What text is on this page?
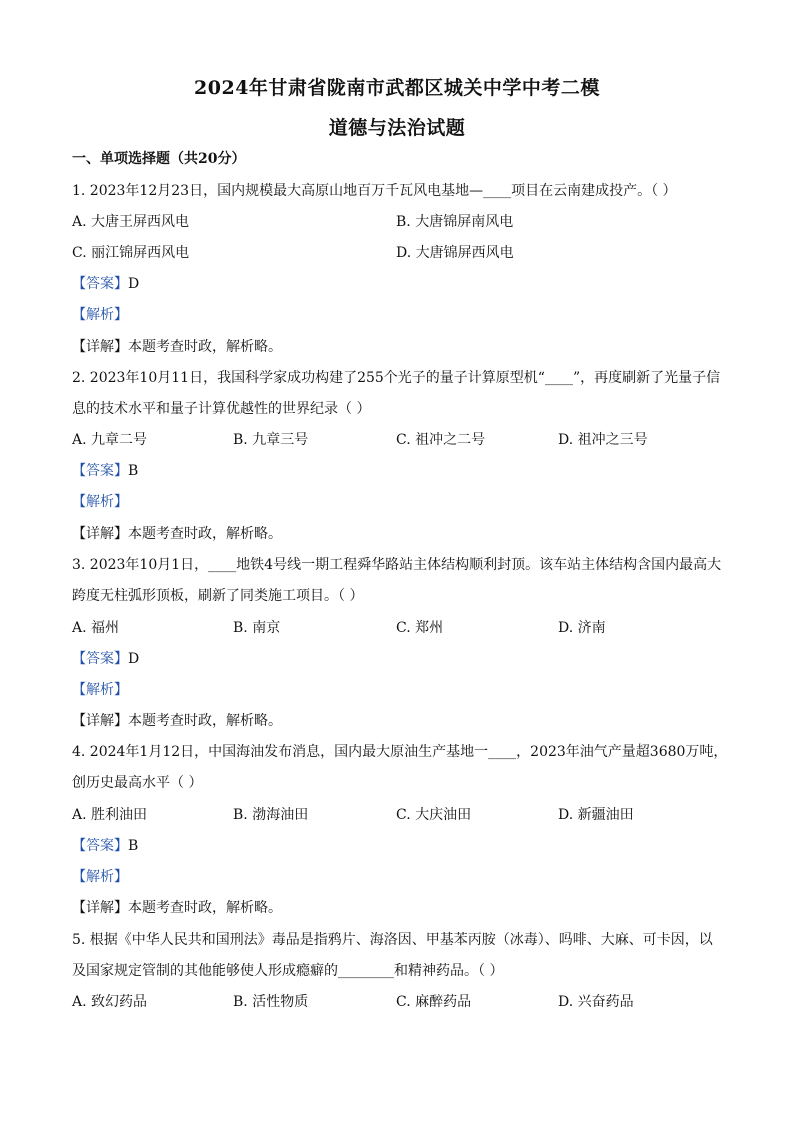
2024年甘肃省陇南市武都区城关中学中考二模
道德与法治试题
一、单项选择题（共20分）
1. 2023年12月23日，国内规模最大高原山地百万千瓦风电基地—____项目在云南建成投产。（ ）
A. 大唐王屏西风电	B. 大唐锦屏南风电
C. 丽江锦屏西风电	D. 大唐锦屏西风电
【答案】D
【解析】
【详解】本题考查时政，解析略。
2. 2023年10月11日，我国科学家成功构建了255个光子的量子计算原型机“____”，再度刷新了光量子信
息的技术水平和量子计算优越性的世界纪录（ ）
A. 九章二号	B. 九章三号	C. 祖冲之二号	D. 祖冲之三号
【答案】B
【解析】
【详解】本题考查时政，解析略。
3. 2023年10月1日，____地铁4号线一期工程舜华路站主体结构顺利封顶。该车站主体结构含国内最高大
跨度无柱弧形顶板，刷新了同类施工项目。（ ）
A. 福州	B. 南京	C. 郑州	D. 济南
【答案】D
【解析】
【详解】本题考查时政，解析略。
4. 2024年1月12日，中国海油发布消息，国内最大原油生产基地一____，2023年油气产量超3680万吨，
创历史最高水平（ ）
A. 胜利油田	B. 渤海油田	C. 大庆油田	D. 新疆油田
【答案】B
【解析】
【详解】本题考查时政，解析略。
5. 根据《中华人民共和国刑法》毒品是指鸦片、海洛因、甲基苯丙胺（冰毒）、吗啡、大麻、可卡因，以
及国家规定管制的其他能够使人形成瘾癖的________和精神药品。（ ）
A. 致幻药品	B. 活性物质	C. 麻醉药品	D. 兴奋药品
